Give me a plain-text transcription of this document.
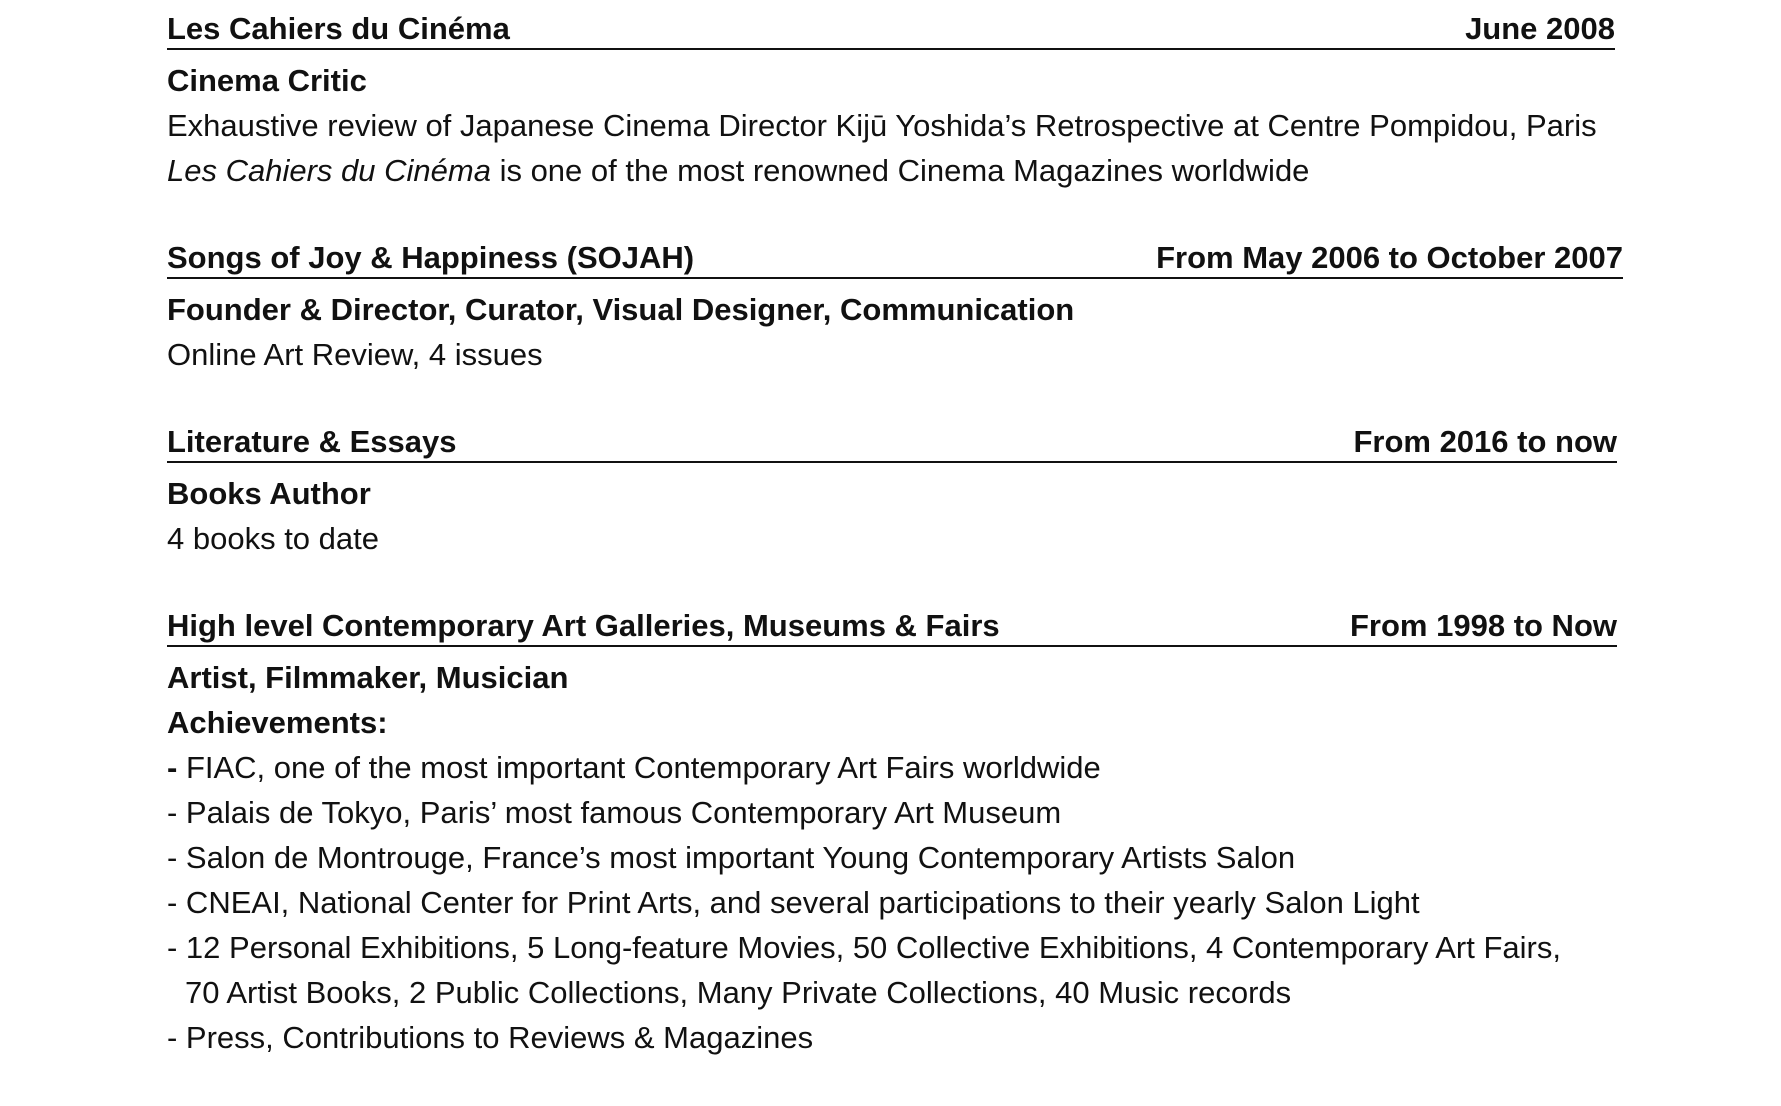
Les Cahiers du Cinéma	June 2008
Cinema Critic
Exhaustive review of Japanese Cinema Director Kijū Yoshida’s Retrospective at Centre Pompidou, Paris
Les Cahiers du Cinéma is one of the most renowned Cinema Magazines worldwide
Songs of Joy & Happiness (SOJAH)	From May 2006 to October 2007
Founder & Director, Curator, Visual Designer, Communication
Online Art Review, 4 issues
Literature & Essays	From 2016 to now
Books Author
4 books to date
High level Contemporary Art Galleries, Museums & Fairs	From 1998 to Now
Artist, Filmmaker, Musician
Achievements:
- FIAC, one of the most important Contemporary Art Fairs worldwide
- Palais de Tokyo, Paris’ most famous Contemporary Art Museum
- Salon de Montrouge, France’s most important Young Contemporary Artists Salon
- CNEAI, National Center for Print Arts, and several participations to their yearly Salon Light
- 12 Personal Exhibitions, 5 Long-feature Movies, 50 Collective Exhibitions, 4 Contemporary Art Fairs,
70 Artist Books, 2 Public Collections, Many Private Collections, 40 Music records
- Press, Contributions to Reviews & Magazines
